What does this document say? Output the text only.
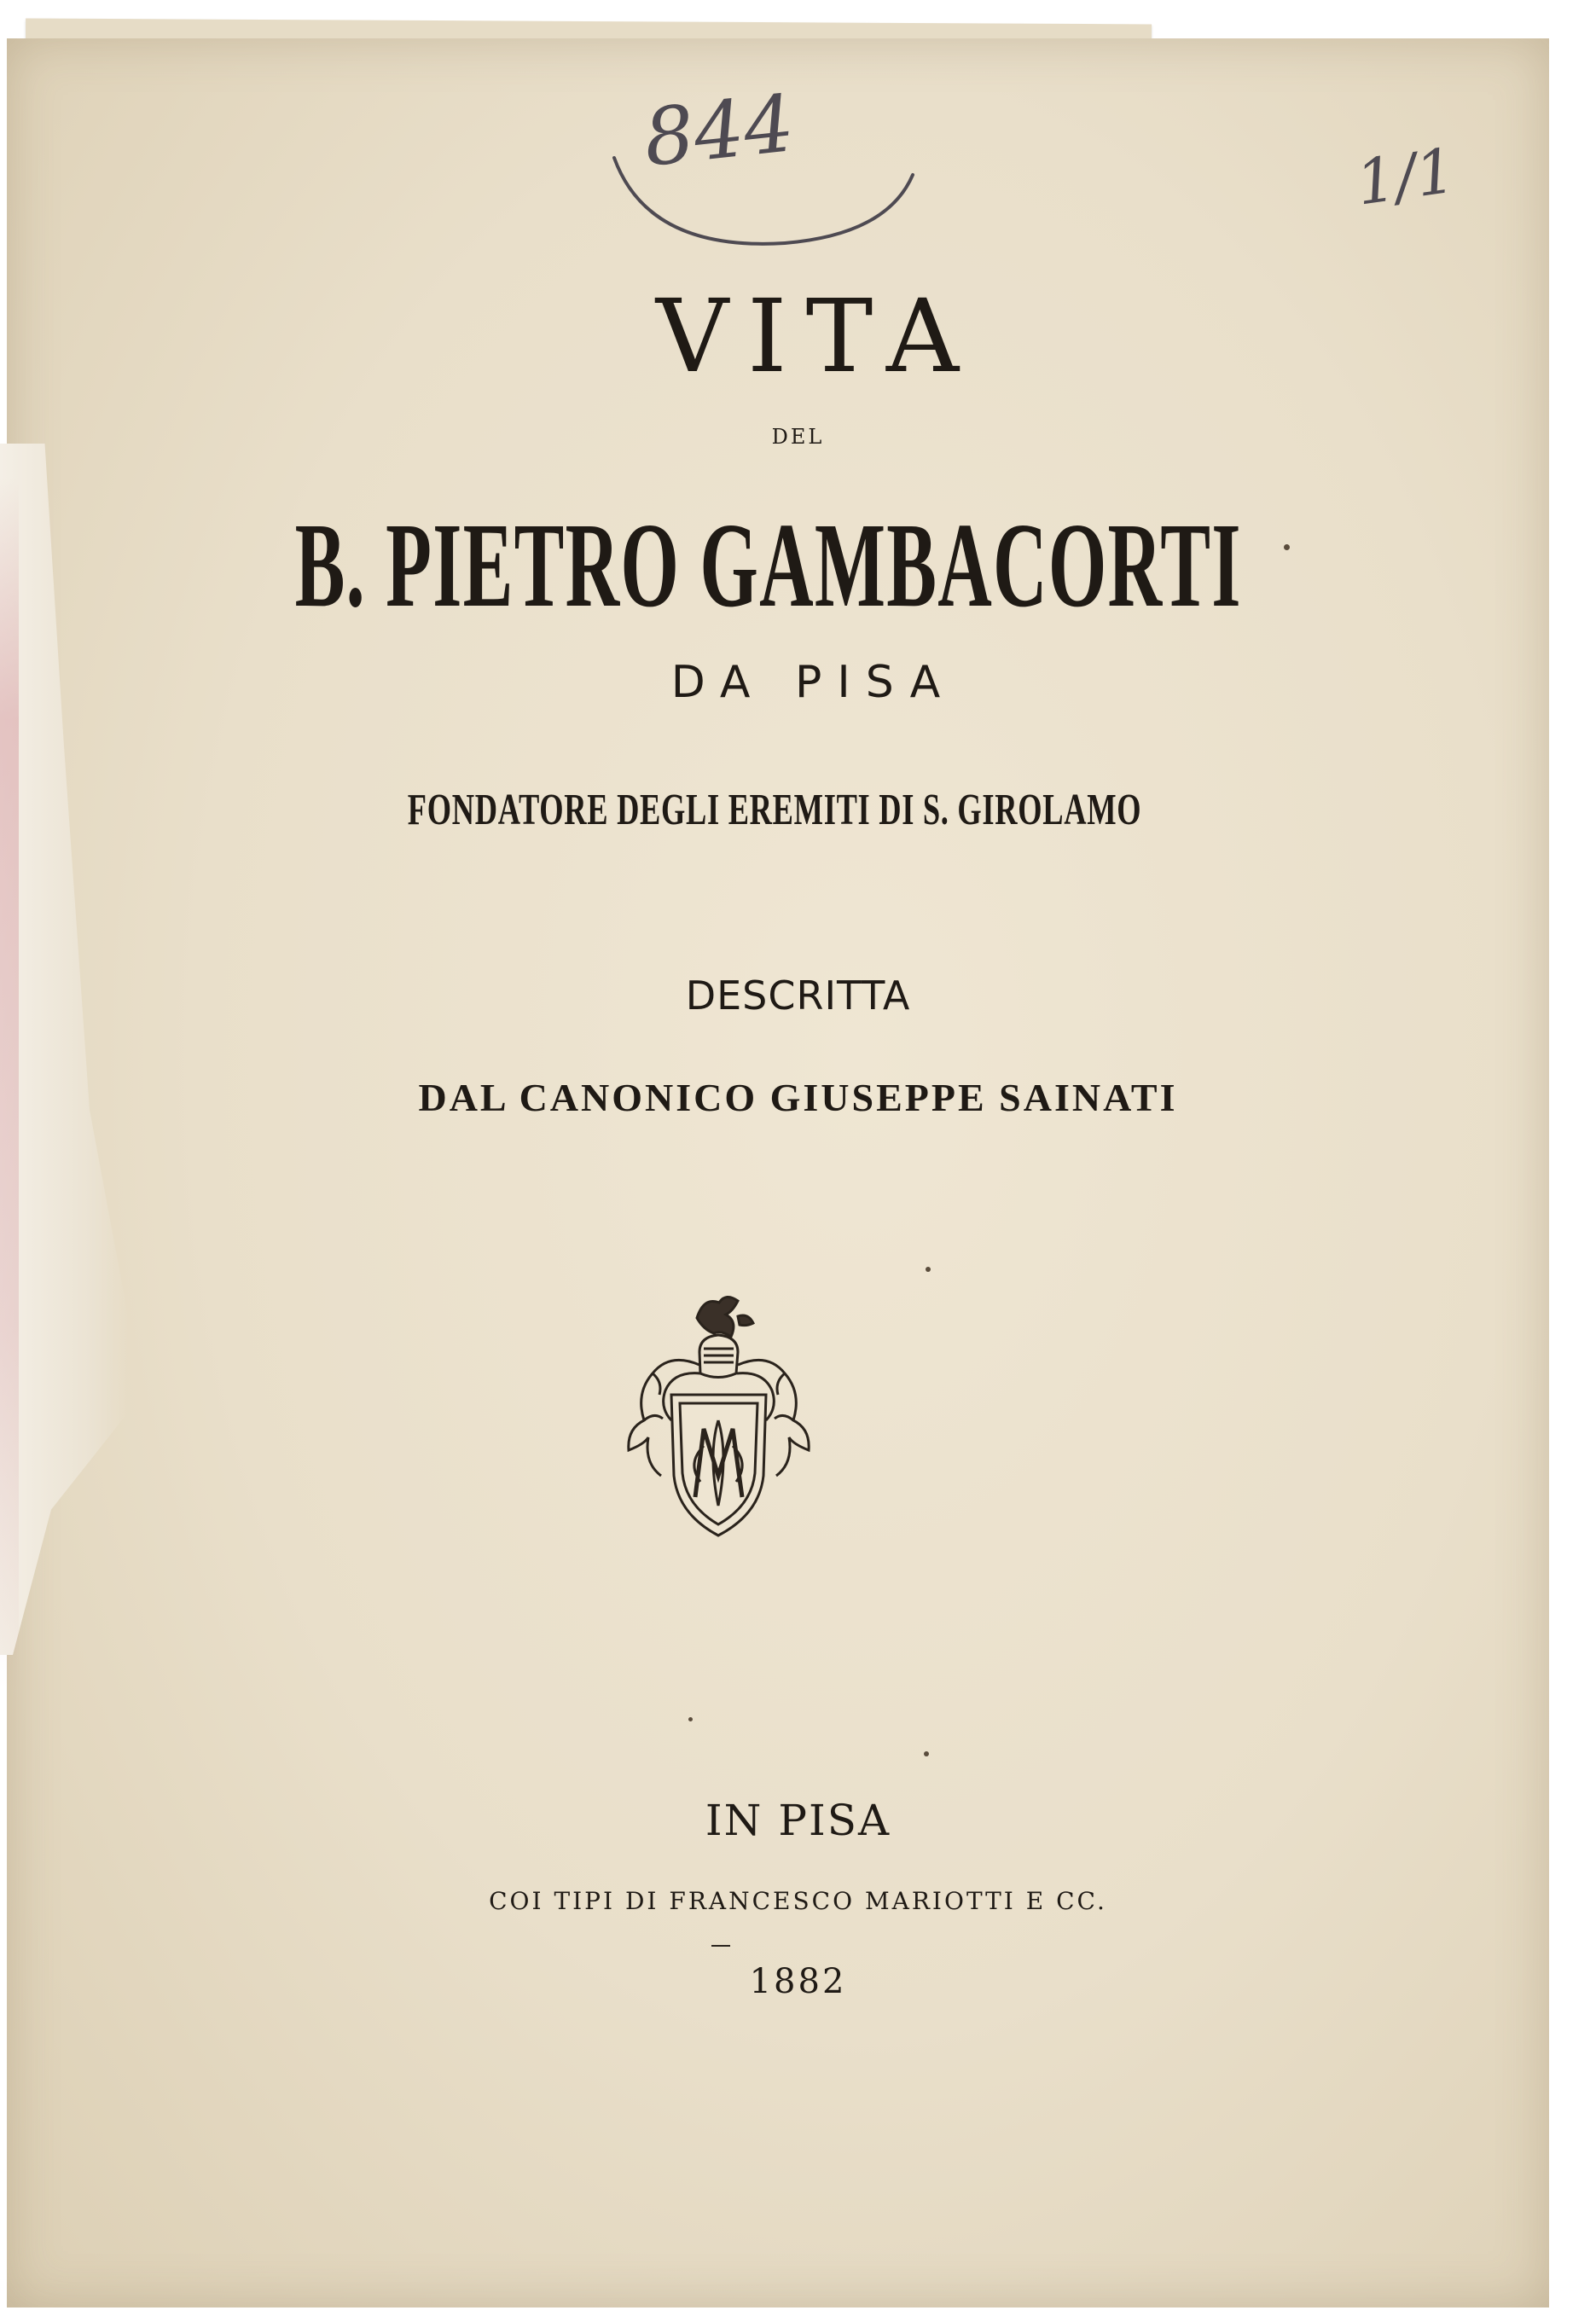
844	1/1
VITA

DEL

B. PIETRO GAMBACORTI

DA PISA

FONDATORE DEGLI EREMITI DI S. GIROLAMO

DESCRITTA

DAL CANONICO GIUSEPPE SAINATI

IN PISA

COI TIPI DI FRANCESCO MARIOTTI E CC.

1882
